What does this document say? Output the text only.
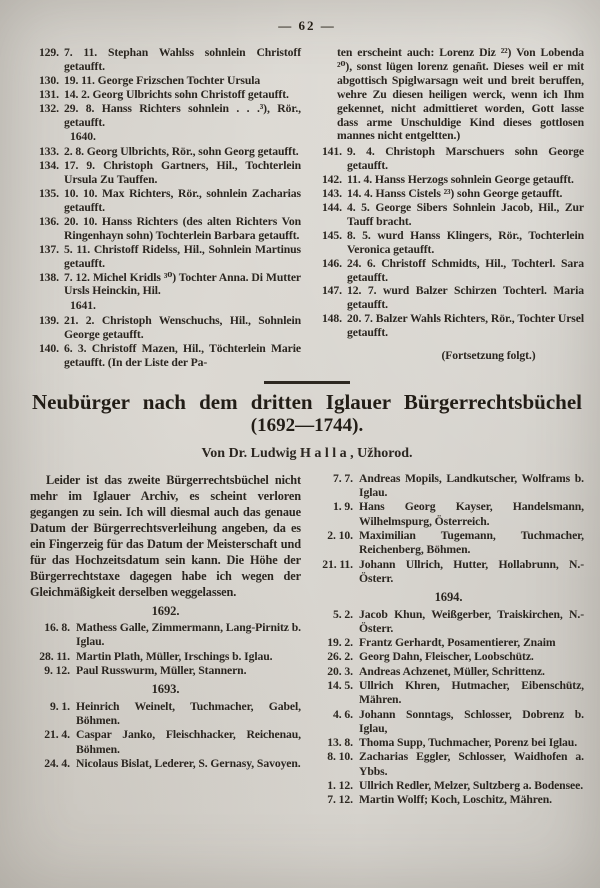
— 62 —
129. 7. 11. Stephan Wahlss sohnlein Christoff getaufft.
130. 19. 11. George Frizschen Tochter Ursula
131. 14. 2. Georg Ulbrichts sohn Christoff getaufft.
132. 29. 8. Hanss Richters sohnlein . . .³), Rör., getaufft.
1640.
133. 2. 8. Georg Ulbrichts, Rör., sohn Georg getaufft.
134. 17. 9. Christoph Gartners, Hil., Tochterlein Ursula Zu Tauffen.
135. 10. 10. Max Richters, Rör., sohnlein Zacharias getaufft.
136. 20. 10. Hanss Richters (des alten Richters Von Ringenhayn sohn) Tochterlein Barbara getaufft.
137. 5. 11. Christoff Ridelss, Hil., Sohnlein Martinus getaufft.
138. 7. 12. Michel Kridls ³⁰) Tochter Anna. Di Mutter Ursls Heinckin, Hil.
1641.
139. 21. 2. Christoph Wenschuchs, Hil., Sohnlein George getaufft.
140. 6. 3. Christoff Mazen, Hil., Töchterlein Marie getaufft. (In der Liste der Pa-

ten erscheint auch: Lorenz Diz ²²) Von Lobenda ²⁰), sonst lügen lorenz genañt. Dieses weil er mit abgottisch Spiglwarsagn weit und breit beruffen, wehre Zu diesen heiligen werck, wenn ich Ihm gekennet, nicht admittieret worden, Gott lasse dass arme Unschuldige Kind dieses gottlosen mannes nicht entgeltten.)

141. 9. 4. Christoph Marschuers sohn George getaufft.
142. 11. 4. Hanss Herzogs sohnlein George getaufft.
143. 14. 4. Hanss Cistels ²³) sohn George getaufft.
144. 4. 5. George Sibers Sohnlein Jacob, Hil., Zur Tauff bracht.
145. 8. 5. wurd Hanss Klingers, Rör., Tochterlein Veronica getaufft.
146. 24. 6. Christoff Schmidts, Hil., Tochterl. Sara getaufft.
147. 12. 7. wurd Balzer Schirzen Tochterl. Maria getaufft.
148. 20. 7. Balzer Wahls Richters, Rör., Tochter Ursel getaufft.
(Fortsetzung folgt.)
Neubürger nach dem dritten Iglauer Bürgerrechtsbüchel
(1692—1744).
Von Dr. Ludwig H a l l a , Užhorod.

Leider ist das zweite Bürgerrechtsbüchel nicht mehr im Iglauer Archiv, es scheint verloren gegangen zu sein. Ich will diesmal auch das genaue Datum der Bürgerrechtsverleihung angeben, da es ein Fingerzeig für das Datum der Meisterschaft und für das Hochzeitsdatum sein kann. Die Höhe der Bürgerrechtstaxe dagegen habe ich wegen der Gleichmäßigkeit derselben weggelassen.

1692.
16. 8. Mathess Galle, Zimmermann, Lang-Pirnitz b. Iglau.
28. 11. Martin Plath, Müller, Irschings b. Iglau.
9. 12. Paul Russwurm, Müller, Stannern.
1693.
9. 1. Heinrich Weinelt, Tuchmacher, Gabel, Böhmen.
21. 4. Caspar Janko, Fleischhacker, Reichenau, Böhmen.
24. 4. Nicolaus Bislat, Lederer, S. Gernasy, Savoyen.
7. 7. Andreas Mopils, Landkutscher, Wolframs b. Iglau.
1. 9. Hans Georg Kayser, Handelsmann, Wilhelmspurg, Österreich.
2. 10. Maximilian Tugemann, Tuchmacher, Reichenberg, Böhmen.
21. 11. Johann Ullrich, Hutter, Hollabrunn, N.-Österr.
1694.
5. 2. Jacob Khun, Weißgerber, Traiskirchen, N.-Österr.
19. 2. Frantz Gerhardt, Posamentierer, Znaim
26. 2. Georg Dahn, Fleischer, Loobschütz.
20. 3. Andreas Achzenet, Müller, Schrittenz.
14. 5. Ullrich Khren, Hutmacher, Eibenschütz, Mähren.
4. 6. Johann Sonntags, Schlosser, Dobrenz b. Iglau,
13. 8. Thoma Supp, Tuchmacher, Porenz bei Iglau.
8. 10. Zacharias Eggler, Schlosser, Waidhofen a. Ybbs.
1. 12. Ullrich Redler, Melzer, Sultzberg a. Bodensee.
7. 12. Martin Wolff; Koch, Loschitz, Mähren.
